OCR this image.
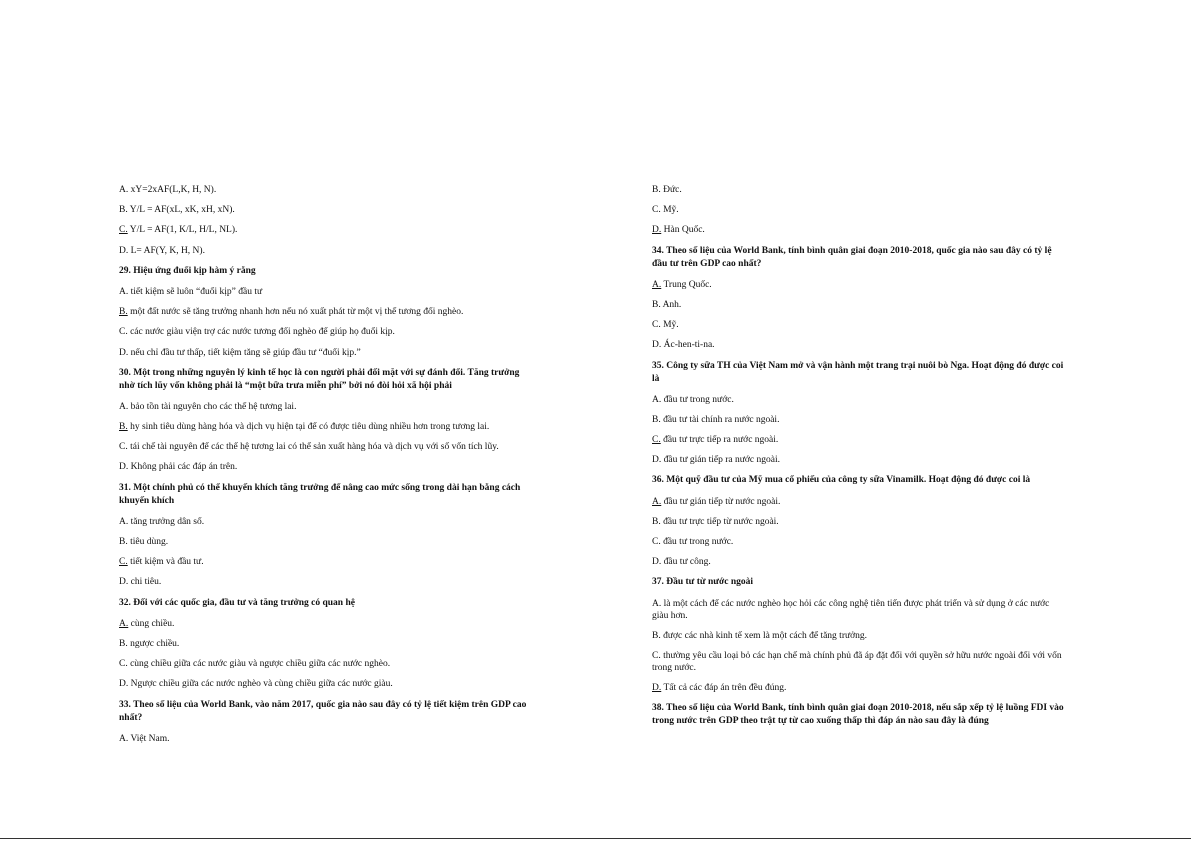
A. xY=2xAF(L,K, H, N).
B. Y/L = AF(xL, xK, xH, xN).
C. Y/L = AF(1, K/L, H/L, NL).
D. L= AF(Y, K, H, N).
29. Hiệu ứng đuổi kịp hàm ý rằng
A. tiết kiệm sẽ luôn “đuổi kịp” đầu tư
B. một đất nước sẽ tăng trưởng nhanh hơn nếu nó xuất phát từ một vị thế tương đối nghèo.
C. các nước giàu viện trợ các nước tương đối nghèo để giúp họ đuổi kịp.
D. nếu chỉ đầu tư thấp, tiết kiệm tăng sẽ giúp đầu tư “đuổi kịp.”
30. Một trong những nguyên lý kinh tế học là con người phải đối mặt với sự đánh đổi. Tăng trưởng nhờ tích lũy vốn không phải là “một bữa trưa miễn phí” bởi nó đòi hỏi xã hội phải
A. bảo tồn tài nguyên cho các thế hệ tương lai.
B. hy sinh tiêu dùng hàng hóa và dịch vụ hiện tại để có được tiêu dùng nhiều hơn trong tương lai.
C. tái chế tài nguyên để các thế hệ tương lai có thể sản xuất hàng hóa và dịch vụ với số vốn tích lũy.
D. Không phải các đáp án trên.
31. Một chính phủ có thể khuyến khích tăng trưởng để nâng cao mức sống trong dài hạn bằng cách khuyến khích
A. tăng trưởng dân số.
B. tiêu dùng.
C. tiết kiệm và đầu tư.
D. chi tiêu.
32. Đối với các quốc gia, đầu tư và tăng trưởng có quan hệ
A. cùng chiều.
B. ngược chiều.
C. cùng chiều giữa các nước giàu và ngược chiều giữa các nước nghèo.
D. Ngược chiều giữa các nước nghèo và cùng chiều giữa các nước giàu.
33. Theo số liệu của World Bank, vào năm 2017, quốc gia nào sau đây có tỷ lệ tiết kiệm trên GDP cao nhất?
A. Việt Nam.
B. Đức.
C. Mỹ.
D. Hàn Quốc.
34. Theo số liệu của World Bank, tính bình quân giai đoạn 2010-2018, quốc gia nào sau đây có tỷ lệ đầu tư trên GDP cao nhất?
A. Trung Quốc.
B. Anh.
C. Mỹ.
D. Ác-hen-ti-na.
35. Công ty sữa TH của Việt Nam mở và vận hành một trang trại nuôi bò Nga. Hoạt động đó được coi là
A. đầu tư trong nước.
B. đầu tư tài chính ra nước ngoài.
C. đầu tư trực tiếp ra nước ngoài.
D. đầu tư gián tiếp ra nước ngoài.
36. Một quỹ đầu tư của Mỹ mua cổ phiếu của công ty sữa Vinamilk. Hoạt động đó được coi là
A. đầu tư gián tiếp từ nước ngoài.
B. đầu tư trực tiếp từ nước ngoài.
C. đầu tư trong nước.
D. đầu tư công.
37. Đầu tư từ nước ngoài
A. là một cách để các nước nghèo học hỏi các công nghệ tiên tiến được phát triển và sử dụng ở các nước giàu hơn.
B. được các nhà kinh tế xem là một cách để tăng trưởng.
C. thường yêu cầu loại bỏ các hạn chế mà chính phủ đã áp đặt đối với quyền sở hữu nước ngoài đối với vốn trong nước.
D. Tất cả các đáp án trên đều đúng.
38. Theo số liệu của World Bank, tính bình quân giai đoạn 2010-2018, nếu sắp xếp tỷ lệ luồng FDI vào trong nước trên GDP theo trật tự từ cao xuống thấp thì đáp án nào sau đây là đúng
